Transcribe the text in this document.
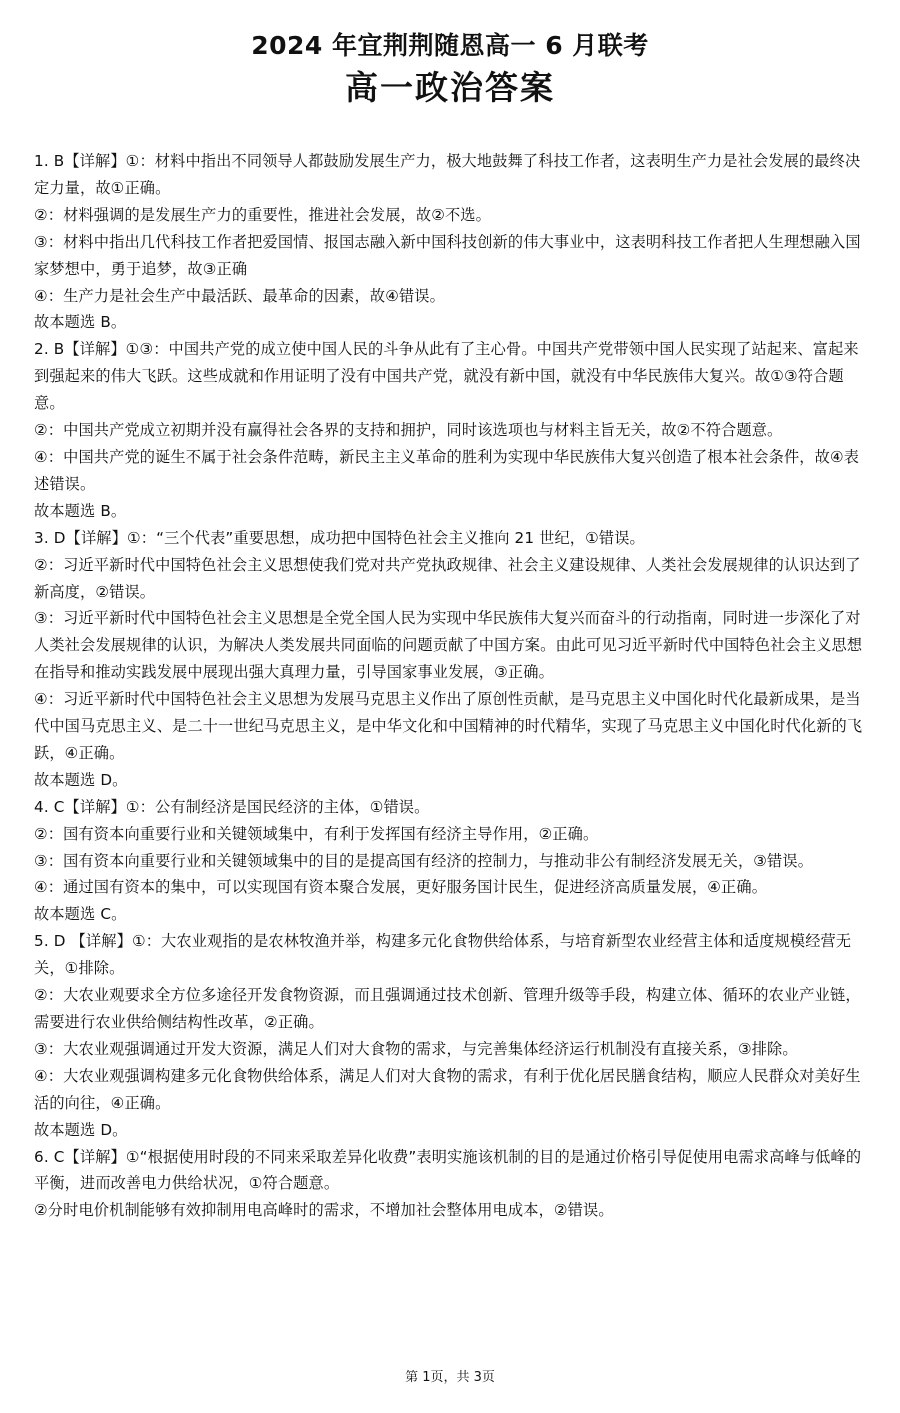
2024 年宜荆荆随恩高一 6 月联考
高一政治答案

1. B【详解】①：材料中指出不同领导人都鼓励发展生产力，极大地鼓舞了科技工作者，这表明生产力是社会发展的最终决定力量，故①正确。

②：材料强调的是发展生产力的重要性，推进社会发展，故②不选。

③：材料中指出几代科技工作者把爱国情、报国志融入新中国科技创新的伟大事业中，这表明科技工作者把人生理想融入国家梦想中，勇于追梦，故③正确

④：生产力是社会生产中最活跃、最革命的因素，故④错误。

故本题选 B。

2. B【详解】①③：中国共产党的成立使中国人民的斗争从此有了主心骨。中国共产党带领中国人民实现了站起来、富起来到强起来的伟大飞跃。这些成就和作用证明了没有中国共产党，就没有新中国，就没有中华民族伟大复兴。故①③符合题意。

②：中国共产党成立初期并没有赢得社会各界的支持和拥护，同时该选项也与材料主旨无关，故②不符合题意。

④：中国共产党的诞生不属于社会条件范畴，新民主主义革命的胜利为实现中华民族伟大复兴创造了根本社会条件，故④表述错误。

故本题选 B。

3. D【详解】①：“三个代表”重要思想，成功把中国特色社会主义推向 21 世纪，①错误。

②：习近平新时代中国特色社会主义思想使我们党对共产党执政规律、社会主义建设规律、人类社会发展规律的认识达到了新高度，②错误。

③：习近平新时代中国特色社会主义思想是全党全国人民为实现中华民族伟大复兴而奋斗的行动指南，同时进一步深化了对人类社会发展规律的认识，为解决人类发展共同面临的问题贡献了中国方案。由此可见习近平新时代中国特色社会主义思想在指导和推动实践发展中展现出强大真理力量，引导国家事业发展，③正确。

④：习近平新时代中国特色社会主义思想为发展马克思主义作出了原创性贡献，是马克思主义中国化时代化最新成果，是当代中国马克思主义、是二十一世纪马克思主义，是中华文化和中国精神的时代精华，实现了马克思主义中国化时代化新的飞跃，④正确。

故本题选 D。

4. C【详解】①：公有制经济是国民经济的主体，①错误。

②：国有资本向重要行业和关键领域集中，有利于发挥国有经济主导作用，②正确。

③：国有资本向重要行业和关键领域集中的目的是提高国有经济的控制力，与推动非公有制经济发展无关，③错误。

④：通过国有资本的集中，可以实现国有资本聚合发展，更好服务国计民生，促进经济高质量发展，④正确。

故本题选 C。

5. D 【详解】①：大农业观指的是农林牧渔并举，构建多元化食物供给体系，与培育新型农业经营主体和适度规模经营无关，①排除。

②：大农业观要求全方位多途径开发食物资源，而且强调通过技术创新、管理升级等手段，构建立体、循环的农业产业链，需要进行农业供给侧结构性改革，②正确。

③：大农业观强调通过开发大资源，满足人们对大食物的需求，与完善集体经济运行机制没有直接关系，③排除。

④：大农业观强调构建多元化食物供给体系，满足人们对大食物的需求，有利于优化居民膳食结构，顺应人民群众对美好生活的向往，④正确。

故本题选 D。

6. C【详解】①“根据使用时段的不同来采取差异化收费”表明实施该机制的目的是通过价格引导促使用电需求高峰与低峰的平衡，进而改善电力供给状况，①符合题意。

②分时电价机制能够有效抑制用电高峰时的需求，不增加社会整体用电成本，②错误。

第 1页，共 3页
